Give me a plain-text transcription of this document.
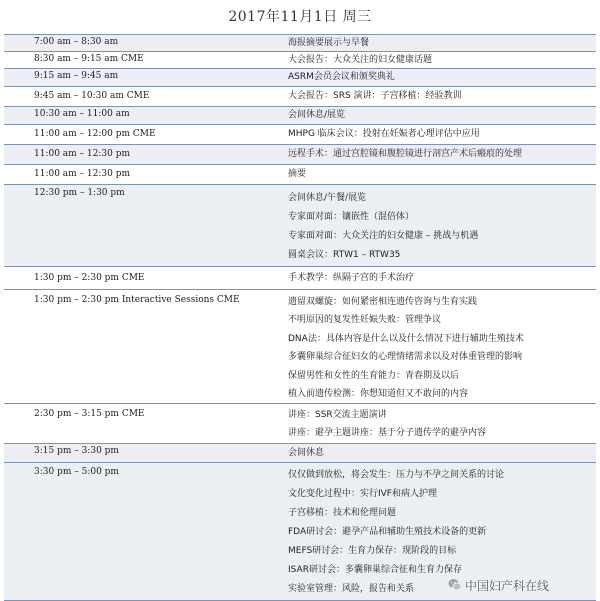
2017年11月1日 周三
7:00 am – 8:30 am	海报摘要展示与早餐
8:30 am – 9:15 am CME	大会报告：大众关注的妇女健康话题
9:15 am – 9:45 am	ASRM会员会议和颁奖典礼
9:45 am – 10:30 am CME	大会报告：SRS 演讲：子宫移植：经验教训
10:30 am – 11:00 am	会间休息/展览
11:00 am – 12:00 pm CME	MHPG 临床会议：投射在妊娠者心理评估中应用
11:00 am – 12:30 pm	远程手术：通过宫腔镜和腹腔镜进行剖宫产术后瘢痕的处理
11:00 am – 12:30 pm	摘要
12:30 pm – 1:30 pm	会间休息/午餐/展览
专家面对面：镶嵌性（混倍体）
专家面对面：大众关注的妇女健康 – 挑战与机遇
圆桌会议：RTW1 – RTW35
1:30 pm – 2:30 pm CME	手术教学：纵隔子宫的手术治疗
1:30 pm – 2:30 pm Interactive Sessions CME	遗留双螺旋：如何紧密相连遗传咨询与生育实践
不明原因的复发性妊娠失败：管理争议
DNA法：具体内容是什么以及什么情况下进行辅助生殖技术
多囊卵巢综合征妇女的心理情绪需求以及对体重管理的影响
保留男性和女性的生育能力：青春期及以后
植入前遗传检测：你想知道但又不敢问的内容
2:30 pm – 3:15 pm CME	讲座：SSR交流主题演讲
讲座：避孕主题讲座：基于分子遗传学的避孕内容
3:15 pm – 3:30 pm	会间休息
3:30 pm – 5:00 pm	仅仅做到放松，将会发生：压力与不孕之间关系的讨论
文化变化过程中：实行IVF和病人护理
子宫移植：技术和伦理问题
FDA研讨会：避孕产品和辅助生殖技术设备的更新
MEFS研讨会：生育力保存：现阶段的目标
ISAR研讨会：多囊卵巢综合征和生育力保存
实验室管理：风险，报告和关系	中国妇产科在线
